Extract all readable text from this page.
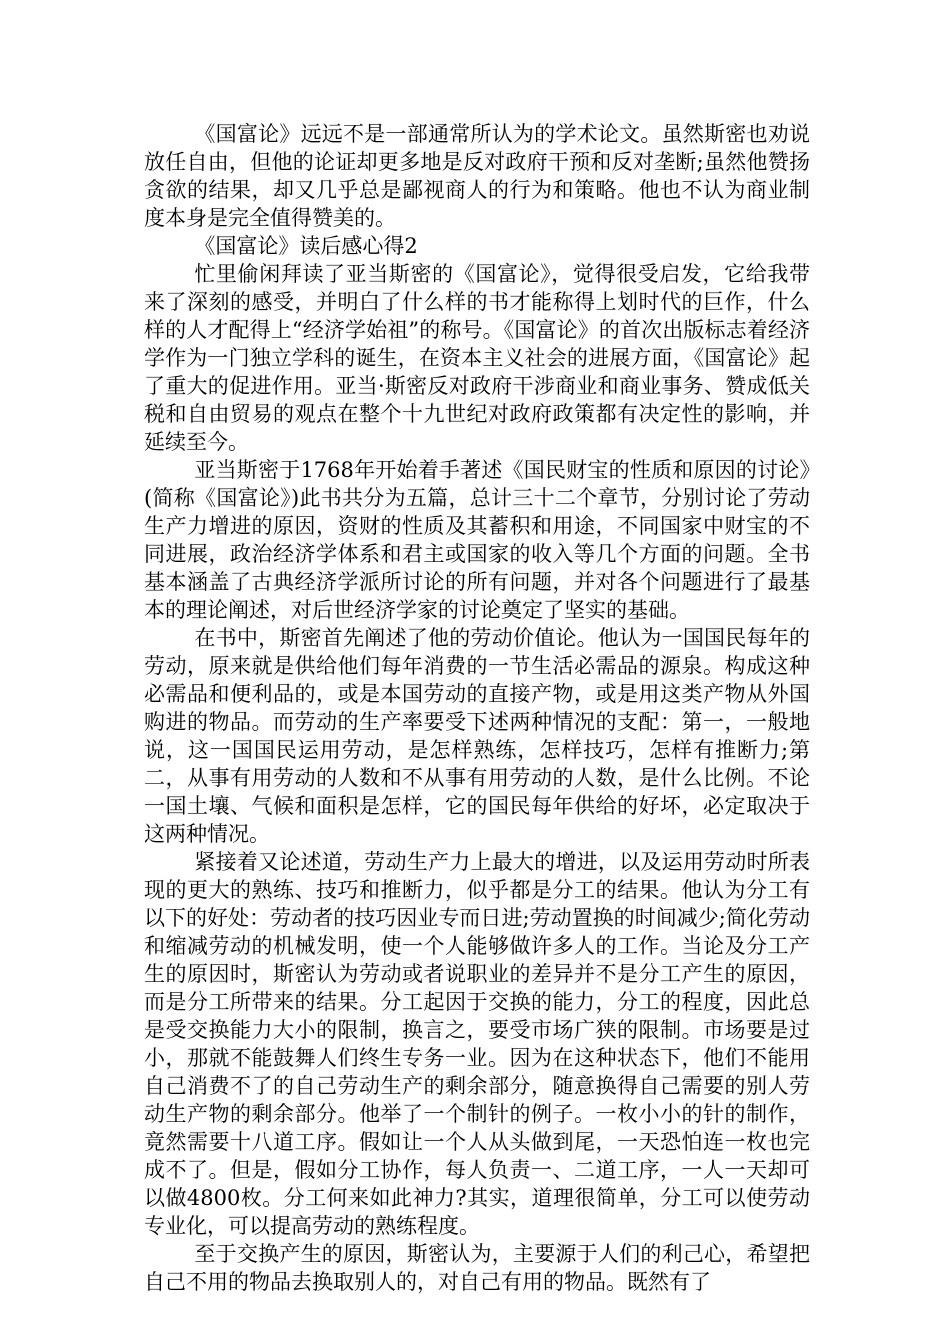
《国富论》远远不是一部通常所认为的学术论文。虽然斯密也劝说放任自由，但他的论证却更多地是反对政府干预和反对垄断;虽然他赞扬贪欲的结果，却又几乎总是鄙视商人的行为和策略。他也不认为商业制度本身是完全值得赞美的。

《国富论》读后感心得2

忙里偷闲拜读了亚当斯密的《国富论》，觉得很受启发，它给我带来了深刻的感受，并明白了什么样的书才能称得上划时代的巨作，什么样的人才配得上“经济学始祖”的称号。《国富论》的首次出版标志着经济学作为一门独立学科的诞生，在资本主义社会的进展方面，《国富论》起了重大的促进作用。亚当·斯密反对政府干涉商业和商业事务、赞成低关税和自由贸易的观点在整个十九世纪对政府政策都有决定性的影响，并延续至今。

亚当斯密于1768年开始着手著述《国民财宝的性质和原因的讨论》(简称《国富论》)此书共分为五篇，总计三十二个章节，分别讨论了劳动生产力增进的原因，资财的性质及其蓄积和用途，不同国家中财宝的不同进展，政治经济学体系和君主或国家的收入等几个方面的问题。全书基本涵盖了古典经济学派所讨论的所有问题，并对各个问题进行了最基本的理论阐述，对后世经济学家的讨论奠定了坚实的基础。

在书中，斯密首先阐述了他的劳动价值论。他认为一国国民每年的劳动，原来就是供给他们每年消费的一节生活必需品的源泉。构成这种必需品和便利品的，或是本国劳动的直接产物，或是用这类产物从外国购进的物品。而劳动的生产率要受下述两种情况的支配：第一，一般地说，这一国国民运用劳动，是怎样熟练，怎样技巧，怎样有推断力;第二，从事有用劳动的人数和不从事有用劳动的人数，是什么比例。不论一国土壤、气候和面积是怎样，它的国民每年供给的好坏，必定取决于这两种情况。

紧接着又论述道，劳动生产力上最大的增进，以及运用劳动时所表现的更大的熟练、技巧和推断力，似乎都是分工的结果。他认为分工有以下的好处：劳动者的技巧因业专而日进;劳动置换的时间减少;简化劳动和缩减劳动的机械发明，使一个人能够做许多人的工作。当论及分工产生的原因时，斯密认为劳动或者说职业的差异并不是分工产生的原因，而是分工所带来的结果。分工起因于交换的能力，分工的程度，因此总是受交换能力大小的限制，换言之，要受市场广狭的限制。市场要是过小，那就不能鼓舞人们终生专务一业。因为在这种状态下，他们不能用自己消费不了的自己劳动生产的剩余部分，随意换得自己需要的别人劳动生产物的剩余部分。他举了一个制针的例子。一枚小小的针的制作，竟然需要十八道工序。假如让一个人从头做到尾，一天恐怕连一枚也完成不了。但是，假如分工协作，每人负责一、二道工序，一人一天却可以做4800枚。分工何来如此神力?其实，道理很简单，分工可以使劳动专业化，可以提高劳动的熟练程度。

至于交换产生的原因，斯密认为，主要源于人们的利己心，希望把自己不用的物品去换取别人的，对自己有用的物品。既然有了
